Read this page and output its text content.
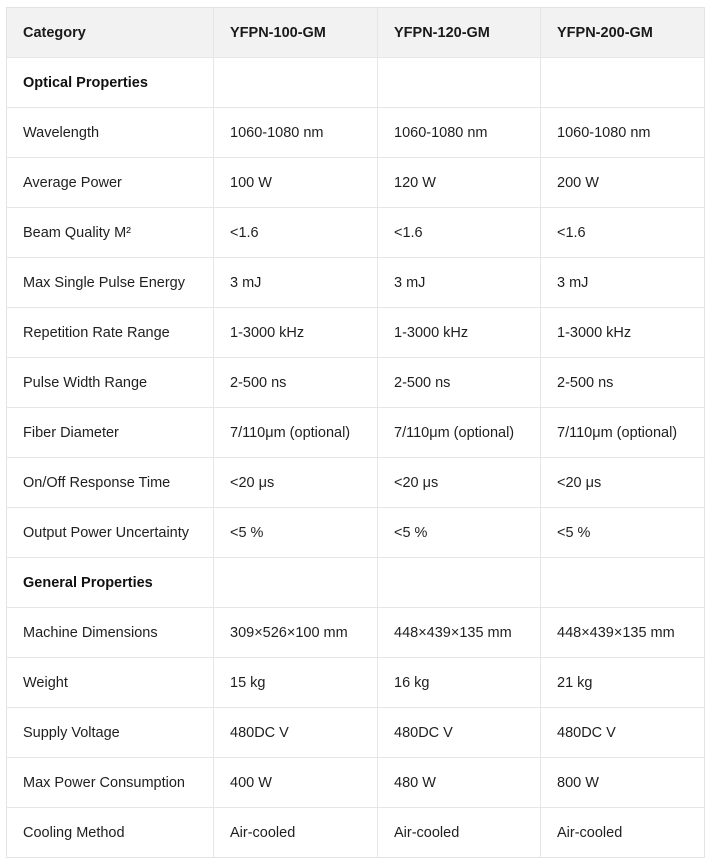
Category	YFPN-100-GM	YFPN-120-GM	YFPN-200-GM
Optical Properties			
Wavelength	1060-1080 nm	1060-1080 nm	1060-1080 nm
Average Power	100 W	120 W	200 W
Beam Quality M²	<1.6	<1.6	<1.6
Max Single Pulse Energy	3 mJ	3 mJ	3 mJ
Repetition Rate Range	1-3000 kHz	1-3000 kHz	1-3000 kHz
Pulse Width Range	2-500 ns	2-500 ns	2-500 ns
Fiber Diameter	7/110μm (optional)	7/110μm (optional)	7/110μm (optional)
On/Off Response Time	<20 μs	<20 μs	<20 μs
Output Power Uncertainty	<5 %	<5 %	<5 %
General Properties			
Machine Dimensions	309×526×100 mm	448×439×135 mm	448×439×135 mm
Weight	15 kg	16 kg	21 kg
Supply Voltage	480DC V	480DC V	480DC V
Max Power Consumption	400 W	480 W	800 W
Cooling Method	Air-cooled	Air-cooled	Air-cooled
